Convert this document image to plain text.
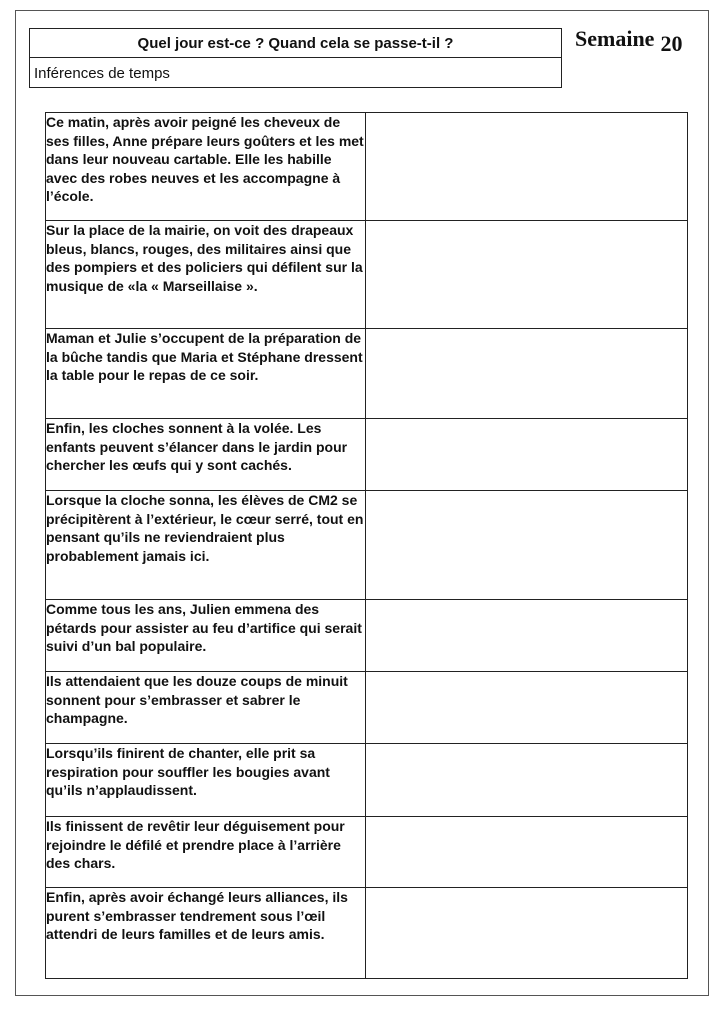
Quel jour est-ce ? Quand cela se passe-t-il ?
Inférences de temps
Semaine 20
Ce matin, après avoir peigné les cheveux de ses filles, Anne prépare leurs goûters et les met dans leur nouveau cartable. Elle les habille avec des robes neuves et les accompagne à l’école.	
Sur la place de la mairie, on voit des drapeaux bleus, blancs, rouges, des militaires ainsi que des pompiers et des policiers qui défilent sur la musique de «la « Marseillaise ».	
Maman et Julie s’occupent de la préparation de la bûche tandis que Maria et Stéphane dressent la table pour le repas de ce soir.	
Enfin, les cloches sonnent à la volée. Les enfants peuvent s’élancer dans le jardin pour chercher les œufs qui y sont cachés.	
Lorsque la cloche sonna, les élèves de CM2 se précipitèrent à l’extérieur, le cœur serré, tout en pensant qu’ils ne reviendraient plus probablement jamais ici.	
Comme tous les ans, Julien emmena des pétards pour assister au feu d’artifice qui serait suivi d’un bal populaire.	
Ils attendaient que les douze coups de minuit sonnent pour s’embrasser et sabrer le champagne.	
Lorsqu’ils finirent de chanter, elle prit sa respiration pour souffler les bougies avant qu’ils n’applaudissent.	
Ils finissent de revêtir leur déguisement pour rejoindre le défilé et prendre place à l’arrière des chars.	
Enfin, après avoir échangé leurs alliances, ils purent s’embrasser tendrement sous l’œil attendri de leurs familles et de leurs amis.	
